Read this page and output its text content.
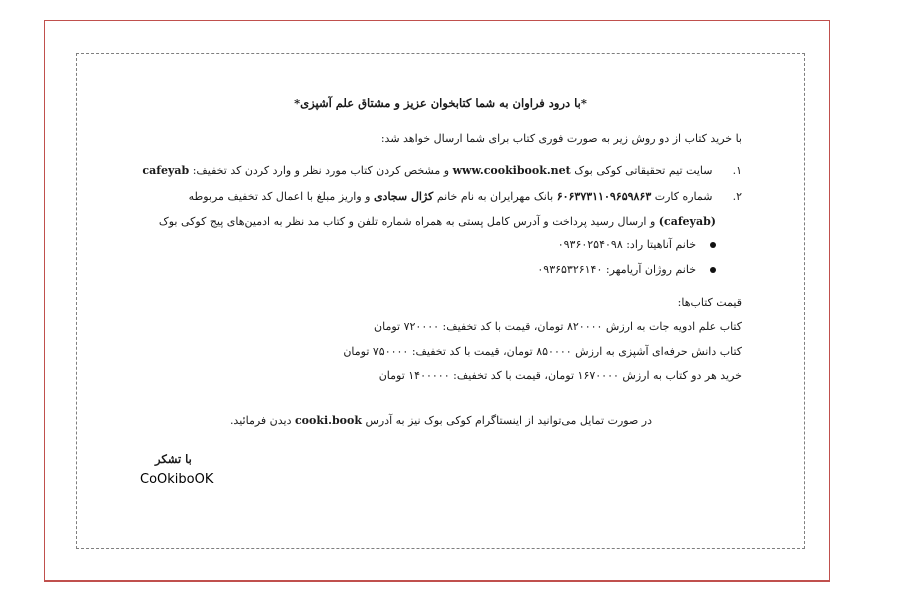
*با درود فراوان به شما کتابخوان عزیز و مشتاق علم آشپزی*
با خرید کتاب از دو روش زیر به صورت فوری کتاب برای شما ارسال خواهد شد:
۱. سایت تیم تحقیقاتی کوکی بوک www.cookibook.net و مشخص کردن کتاب مورد نظر و وارد کردن کد تخفیف: cafeyab
۲. شماره کارت ۶۰۶۳۷۳۱۱۰۹۶۵۹۸۶۳ بانک مهرایران به نام خانم کژال سجادی و واریز مبلغ با اعمال کد تخفیف مربوطه
(cafeyab) و ارسال رسید پرداخت و آدرس کامل پستی به همراه شماره تلفن و کتاب مد نظر به ادمین‌های پیج کوکی بوک
خانم آناهیتا راد: ۰۹۳۶۰۲۵۴۰۹۸
خانم روژان آریامهر: ۰۹۳۶۵۳۲۶۱۴۰
قیمت کتاب‌ها:
کتاب علم ادویه جات به ارزش ۸۲۰۰۰۰ تومان، قیمت با کد تخفیف: ۷۲۰۰۰۰ تومان
کتاب دانش حرفه‌ای آشپزی به ارزش ۸۵۰۰۰۰ تومان، قیمت با کد تخفیف: ۷۵۰۰۰۰ تومان
خرید هر دو کتاب به ارزش ۱۶۷۰۰۰۰ تومان، قیمت با کد تخفیف: ۱۴۰۰۰۰۰ تومان
در صورت تمایل می‌توانید از اینستاگرام کوکی بوک نیز به آدرس cooki.book دیدن فرمائید.
با تشکر
CoOkiboOK
